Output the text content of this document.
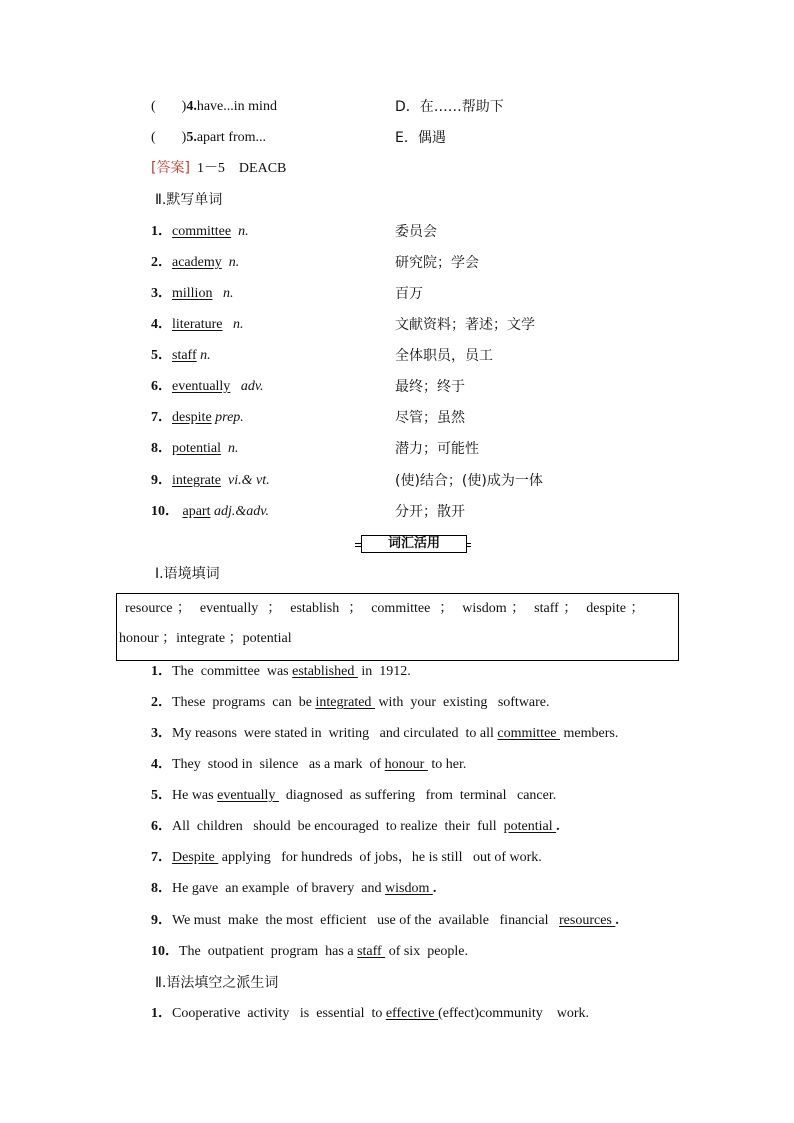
( )4.have...in mind	D．在……帮助下
( )5.apart from...	E．偶遇
[答案] 1－5　DEACB
Ⅱ.默写单词
1．committee n.	委员会
2．academy n.	研究院；学会
3．million n.	百万
4．literature n.	文献资料；著述；文学
5．staff n.	全体职员，员工
6．eventually adv.	最终；终于
7．despite prep.	尽管；虽然
8．potential n.	潜力；可能性
9．integrate vi.& vt.	(使)结合；(使)成为一体
10． apart adj.&adv.	分开；散开
词汇活用
Ⅰ.语境填词
resource ；  eventually  ；  establish  ；  committee  ；  wisdom ；  staff ；  despite ；
honour ；integrate ；potential
1．The  committee  was established  in  1912.
2．These  programs  can  be integrated  with  your  existing   software.
3．My reasons  were stated in  writing   and circulated  to all committee  members.
4．They  stood in  silence   as a mark  of honour  to her.
5．He was eventually   diagnosed  as suffering   from  terminal   cancer.
6．All  children   should  be encouraged  to realize  their  full  potential .
7．Despite  applying   for hundreds  of jobs，he is still   out of work.
8．He gave  an example  of bravery  and wisdom .
9．We must  make  the most  efficient   use of the  available   financial   resources .
10．The  outpatient  program  has a staff  of six  people.
Ⅱ.语法填空之派生词
1．Cooperative  activity   is  essential  to effective (effect)community    work.
